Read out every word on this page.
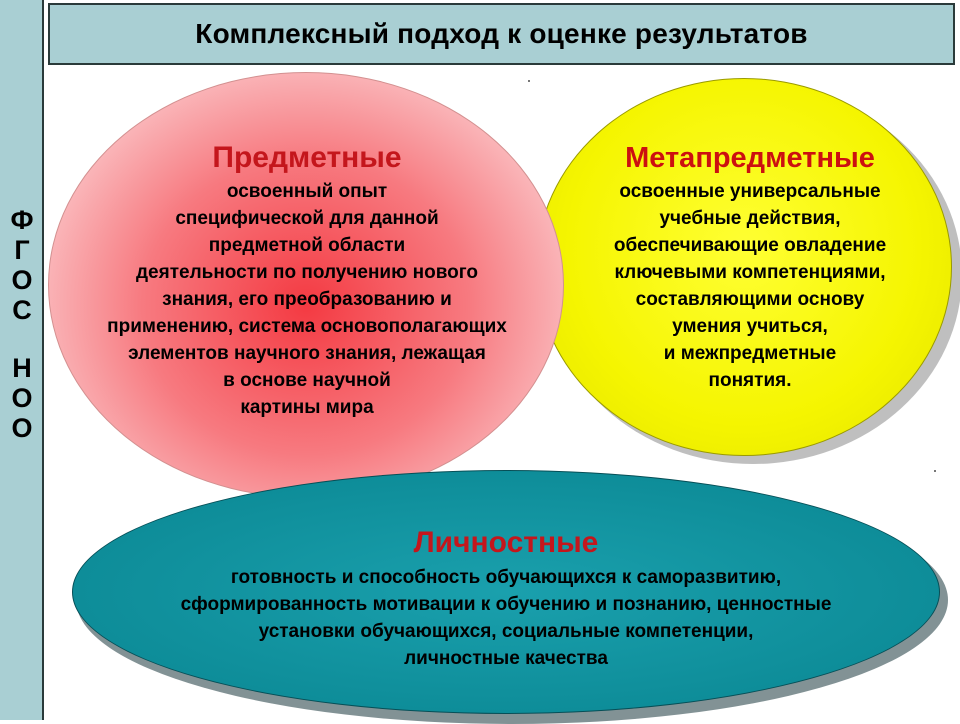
Ф
Г
О
С
Н
О
О
Комплексный подход к оценке результатов
Метапредметные
освоенные универсальные
учебные действия,
обеспечивающие овладение
ключевыми компетенциями,
составляющими основу
умения учиться,
и межпредметные
понятия.
Предметные
освоенный опыт
специфической для данной
предметной области
деятельности по получению нового
знания, его преобразованию и
применению, система основополагающих
элементов научного знания, лежащая
в основе научной
картины мира
Личностные
готовность и способность обучающихся к саморазвитию,
сформированность мотивации к обучению и познанию, ценностные
установки обучающихся, социальные компетенции,
личностные качества
